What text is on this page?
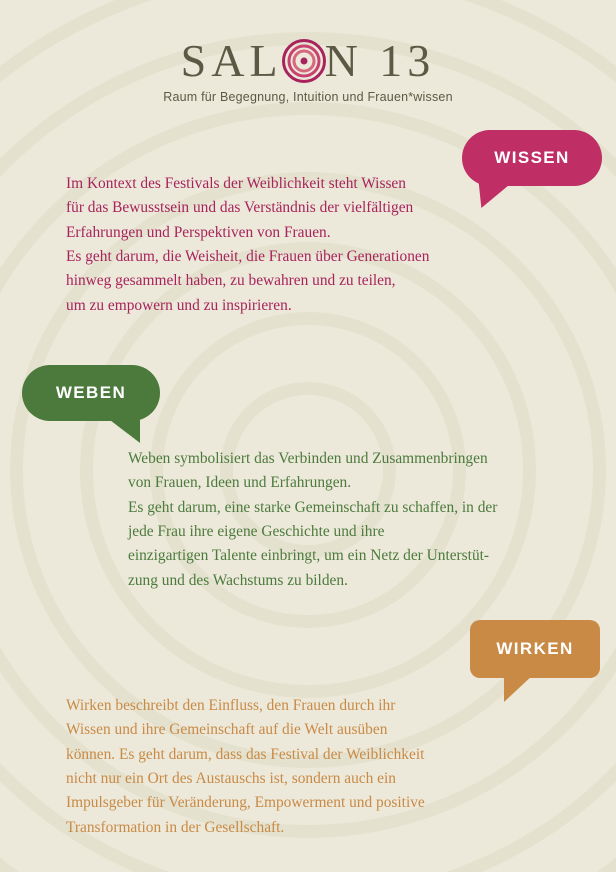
SAL N 13
Raum für Begegnung, Intuition und Frauen*wissen
WISSEN

Im Kontext des Festivals der Weiblichkeit steht Wissen

für das Bewusstsein und das Verständnis der vielfältigen

Erfahrungen und Perspektiven von Frauen.

Es geht darum, die Weisheit, die Frauen über Generationen

hinweg gesammelt haben, zu bewahren und zu teilen,

um zu empowern und zu inspirieren.

WEBEN

Weben symbolisiert das Verbinden und Zusammenbringen

von Frauen, Ideen und Erfahrungen.

Es geht darum, eine starke Gemeinschaft zu schaffen, in der

jede Frau ihre eigene Geschichte und ihre

einzigartigen Talente einbringt, um ein Netz der Unterstüt-

zung und des Wachstums zu bilden.

WIRKEN

Wirken beschreibt den Einfluss, den Frauen durch ihr

Wissen und ihre Gemeinschaft auf die Welt ausüben

können. Es geht darum, dass das Festival der Weiblichkeit

nicht nur ein Ort des Austauschs ist, sondern auch ein

Impulsgeber für Veränderung, Empowerment und positive

Transformation in der Gesellschaft.
